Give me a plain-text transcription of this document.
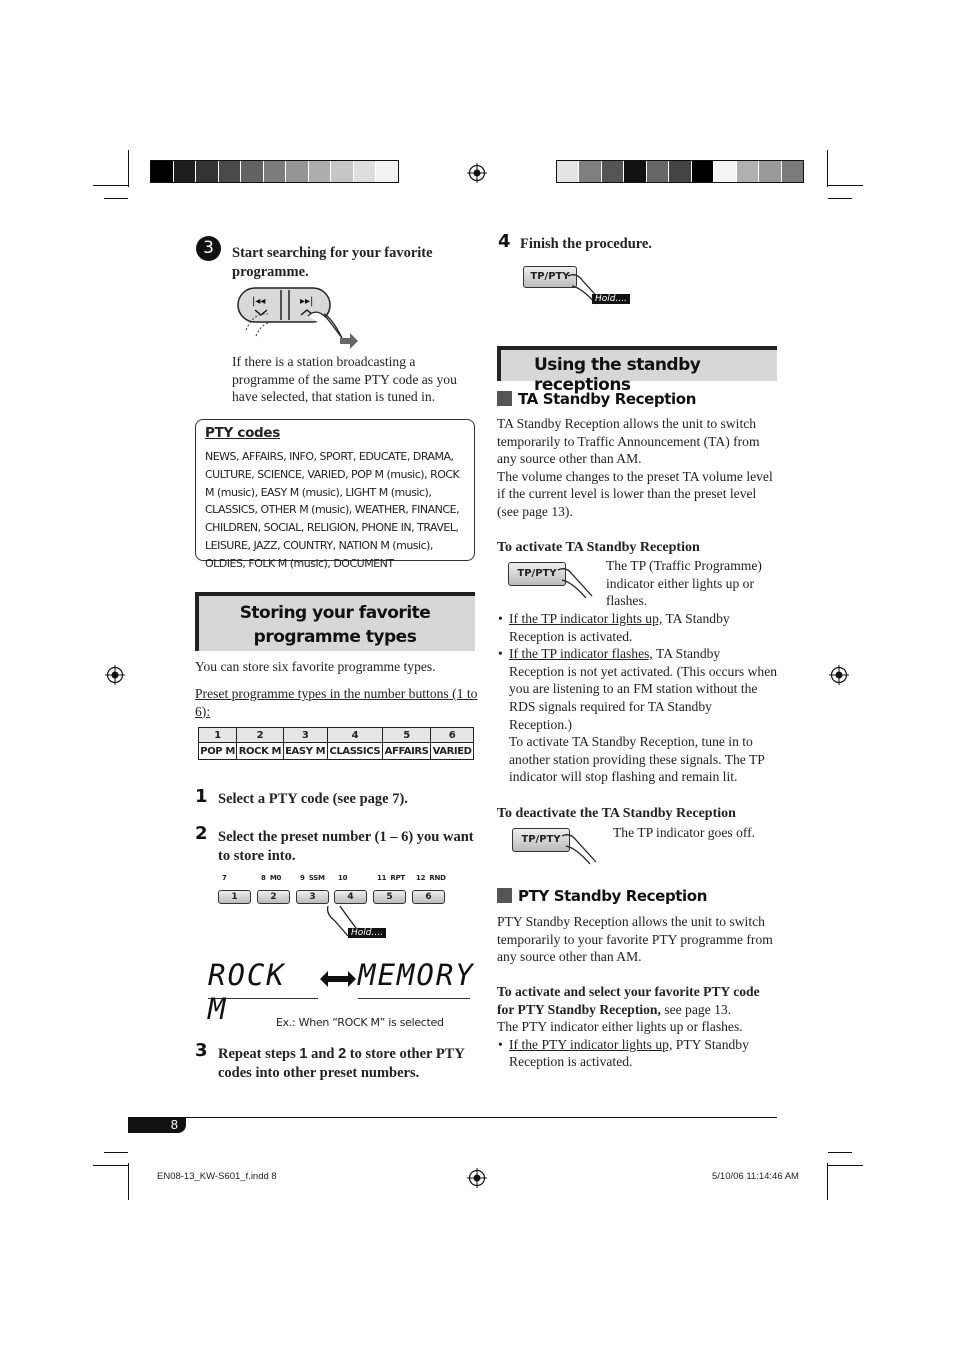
3	Start searching for your favorite programme.
|◂◂	▸▸|
If there is a station broadcasting a programme of the same PTY code as you have selected, that station is tuned in.
PTY codes
NEWS, AFFAIRS, INFO, SPORT, EDUCATE, DRAMA, CULTURE, SCIENCE, VARIED, POP M (music), ROCK M (music), EASY M (music), LIGHT M (music), CLASSICS, OTHER M (music), WEATHER, FINANCE, CHILDREN, SOCIAL, RELIGION, PHONE IN, TRAVEL, LEISURE, JAZZ, COUNTRY, NATION M (music), OLDIES, FOLK M (music), DOCUMENT
Storing your favorite programme types
You can store six favorite programme types.
Preset programme types in the number buttons (1 to 6):
1	2	3	4	5	6
POP M	ROCK M	EASY M	CLASSICS	AFFAIRS	VARIED
1 Select a PTY code (see page 7).
2 Select the preset number (1 – 6) you want to store into.
7	8  M0	9  SSM 10	11  RPT 12  RND
1	2	3	4	5	6
Hold....
ROCK M
MEMORY
Ex.: When “ROCK M” is selected
3 Repeat steps 1 and 2 to store other PTY codes into other preset numbers.
4 Finish the procedure.
TP/PTY
Hold....
Using the standby receptions
TA Standby Reception
TA Standby Reception allows the unit to switch temporarily to Traffic Announcement (TA) from any source other than AM.
The volume changes to the preset TA volume level if the current level is lower than the preset level (see page 13).
To activate TA Standby Reception
TP/PTY
The TP (Traffic Programme) indicator either lights up or flashes.
• If the TP indicator lights up, TA Standby Reception is activated.
• If the TP indicator flashes, TA Standby Reception is not yet activated. (This occurs when you are listening to an FM station without the RDS signals required for TA Standby Reception.)
To activate TA Standby Reception, tune in to another station providing these signals. The TP indicator will stop flashing and remain lit.
To deactivate the TA Standby Reception
TP/PTY	The TP indicator goes off.
PTY Standby Reception
PTY Standby Reception allows the unit to switch temporarily to your favorite PTY programme from any source other than AM.
To activate and select your favorite PTY code for PTY Standby Reception, see page 13.
The PTY indicator either lights up or flashes.
• If the PTY indicator lights up, PTY Standby Reception is activated.
8
EN08-13_KW-S601_f.indd 8	5/10/06 11:14:46 AM
